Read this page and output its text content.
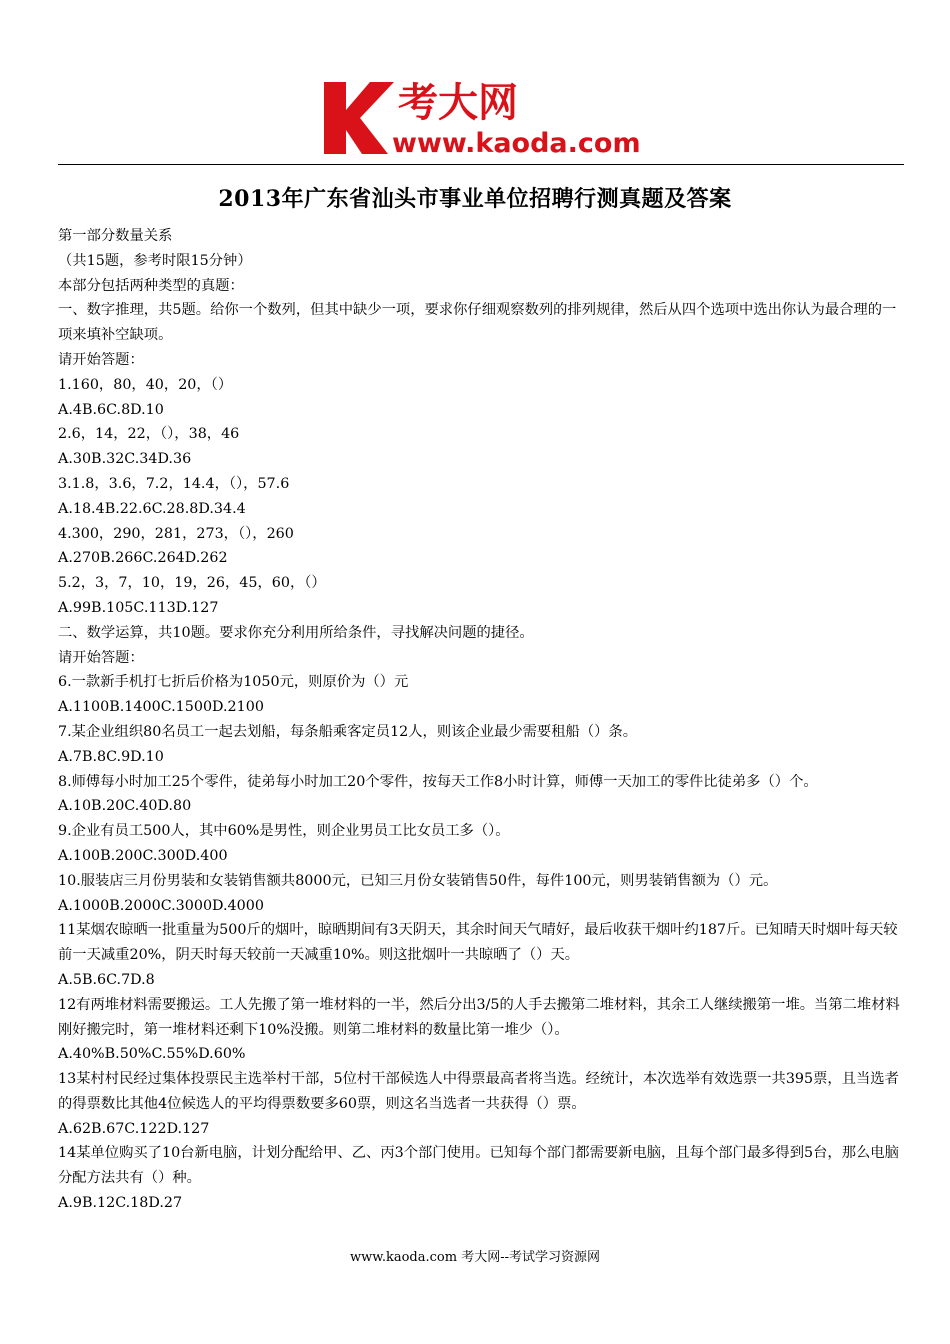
考大网
www.kaoda.com
2013年广东省汕头市事业单位招聘行测真题及答案

第一部分数量关系

（共15题，参考时限15分钟）

本部分包括两种类型的真题：

一、数字推理，共5题。给你一个数列，但其中缺少一项，要求你仔细观察数列的排列规律，然后从四个选项中选出你认为最合理的一项来填补空缺项。

请开始答题：

1.160，80，40，20，（）

A.4B.6C.8D.10

2.6，14，22，（），38，46

A.30B.32C.34D.36

3.1.8，3.6，7.2，14.4，（），57.6

A.18.4B.22.6C.28.8D.34.4

4.300，290，281，273，（），260

A.270B.266C.264D.262

5.2，3，7，10，19，26，45，60，（）

A.99B.105C.113D.127

二、数学运算，共10题。要求你充分利用所给条件，寻找解决问题的捷径。

请开始答题：

6.一款新手机打七折后价格为1050元，则原价为（）元

A.1100B.1400C.1500D.2100

7.某企业组织80名员工一起去划船，每条船乘客定员12人，则该企业最少需要租船（）条。

A.7B.8C.9D.10

8.师傅每小时加工25个零件，徒弟每小时加工20个零件，按每天工作8小时计算，师傅一天加工的零件比徒弟多（）个。

A.10B.20C.40D.80

9.企业有员工500人，其中60%是男性，则企业男员工比女员工多（）。

A.100B.200C.300D.400

10.服装店三月份男装和女装销售额共8000元，已知三月份女装销售50件，每件100元，则男装销售额为（）元。

A.1000B.2000C.3000D.4000

11某烟农晾晒一批重量为500斤的烟叶，晾晒期间有3天阴天，其余时间天气晴好，最后收获干烟叶约187斤。已知晴天时烟叶每天较前一天减重20%，阴天时每天较前一天减重10%。则这批烟叶一共晾晒了（）天。

A.5B.6C.7D.8

12有两堆材料需要搬运。工人先搬了第一堆材料的一半，然后分出3/5的人手去搬第二堆材料，其余工人继续搬第一堆。当第二堆材料刚好搬完时，第一堆材料还剩下10%没搬。则第二堆材料的数量比第一堆少（）。

A.40%B.50%C.55%D.60%

13某村村民经过集体投票民主选举村干部，5位村干部候选人中得票最高者将当选。经统计，本次选举有效选票一共395票，且当选者的得票数比其他4位候选人的平均得票数要多60票，则这名当选者一共获得（）票。

A.62B.67C.122D.127

14某单位购买了10台新电脑，计划分配给甲、乙、丙3个部门使用。已知每个部门都需要新电脑，且每个部门最多得到5台，那么电脑分配方法共有（）种。

A.9B.12C.18D.27

www.kaoda.com 考大网--考试学习资源网
